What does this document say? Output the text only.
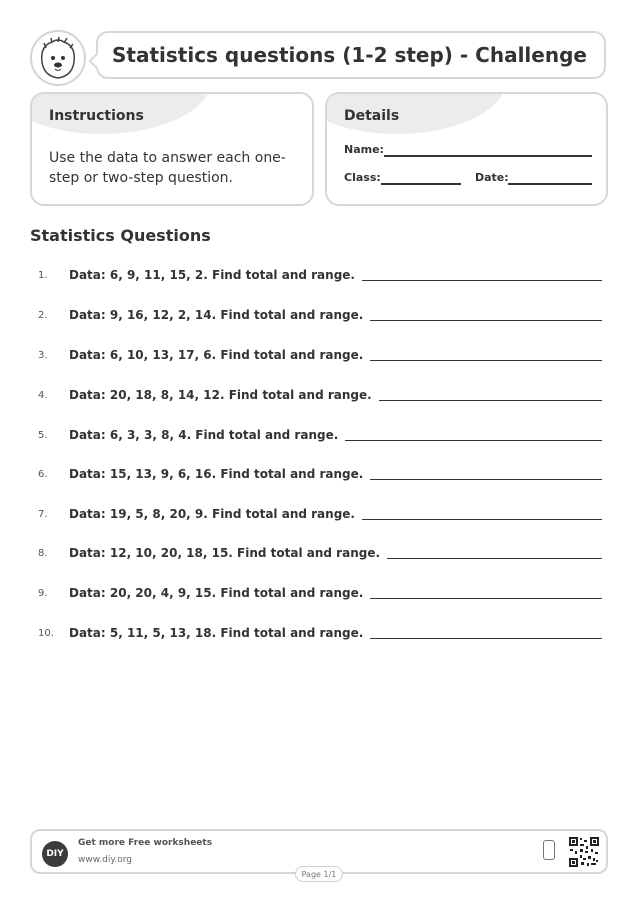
Statistics questions (1-2 step) - Challenge
Instructions
Use the data to answer each one-step or two-step question.
Details
Name:
Class:	Date:
Statistics Questions
1.	Data: 6, 9, 11, 15, 2. Find total and range.
2.	Data: 9, 16, 12, 2, 14. Find total and range.
3.	Data: 6, 10, 13, 17, 6. Find total and range.
4.	Data: 20, 18, 8, 14, 12. Find total and range.
5.	Data: 6, 3, 3, 8, 4. Find total and range.
6.	Data: 15, 13, 9, 6, 16. Find total and range.
7.	Data: 19, 5, 8, 20, 9. Find total and range.
8.	Data: 12, 10, 20, 18, 15. Find total and range.
9.	Data: 20, 20, 4, 9, 15. Find total and range.
10.	Data: 5, 11, 5, 13, 18. Find total and range.
DIY
Get more Free worksheets
www.diy.org
Page 1/1
